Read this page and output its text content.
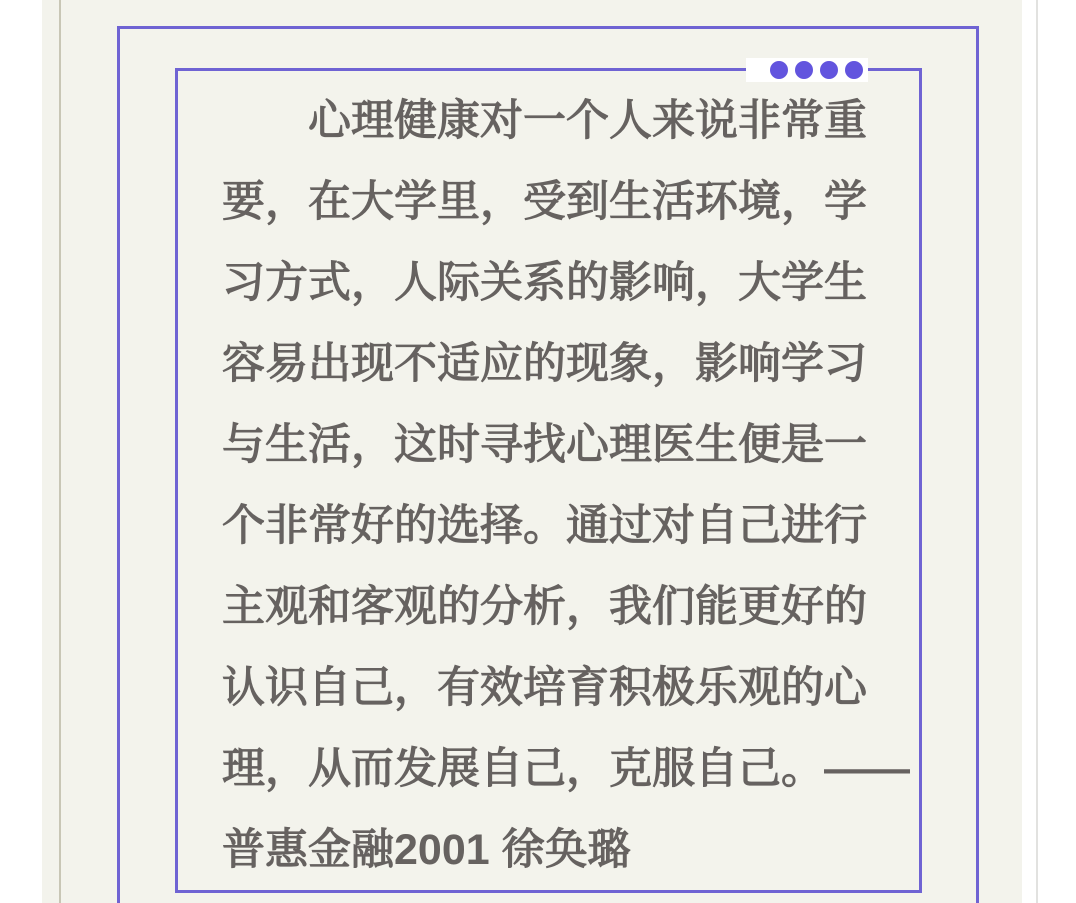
心理健康对一个人来说非常重
要，在大学里，受到生活环境，学
习方式，人际关系的影响，大学生
容易出现不适应的现象，影响学习
与生活，这时寻找心理医生便是一
个非常好的选择。通过对自己进行
主观和客观的分析，我们能更好的
认识自己，有效培育积极乐观的心
理，从而发展自己，克服自己。——
普惠金融2001 徐奂璐
